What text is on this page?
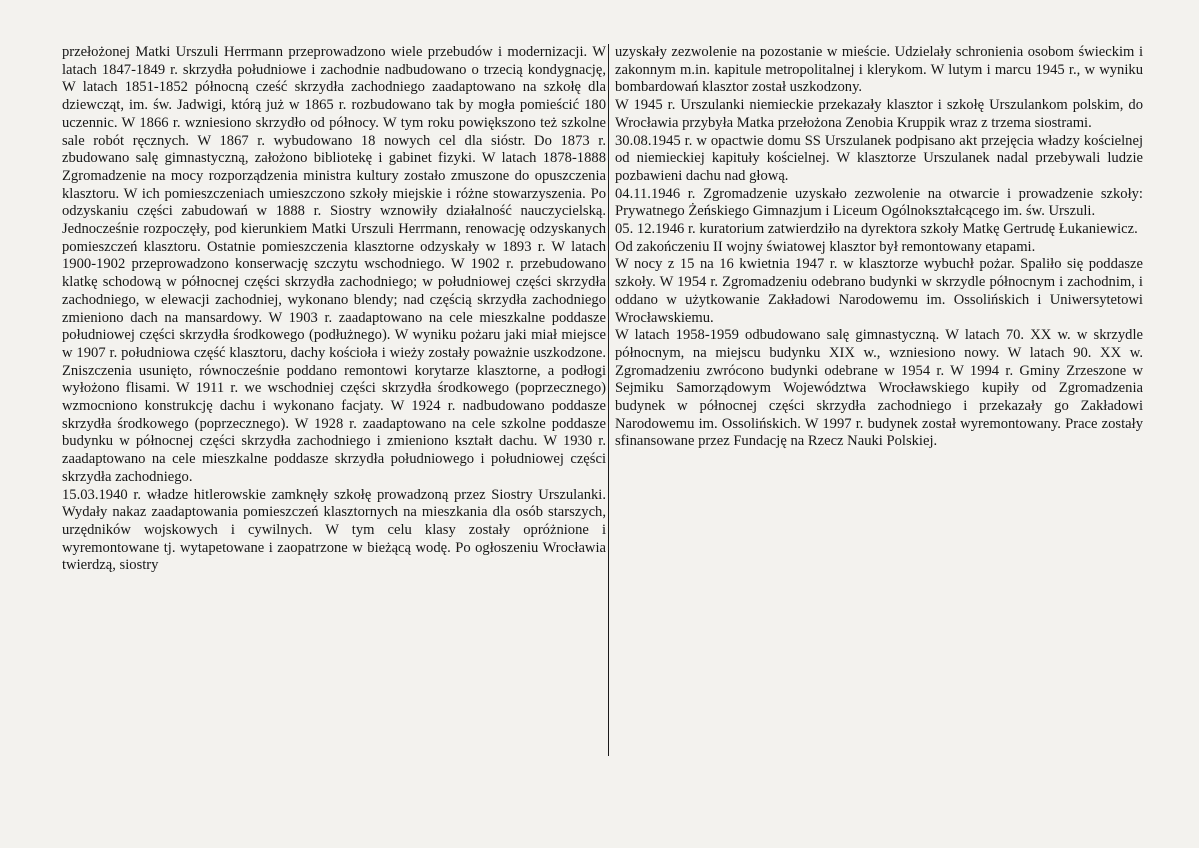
przełożonej Matki Urszuli Herrmann przeprowadzono wiele przebudów i modernizacji. W latach 1847-1849 r. skrzydła południowe i zachodnie nadbudowano o trzecią kondygnację, W latach 1851-1852 północną cześć skrzydła zachodniego zaadaptowano na szkołę dla dziewcząt, im. św. Jadwigi, którą już w 1865 r. rozbudowano tak by mogła pomieścić 180 uczennic. W 1866 r. wzniesiono skrzydło od północy. W tym roku powiększono też szkolne sale robót ręcznych. W 1867 r. wybudowano 18 nowych cel dla sióstr. Do 1873 r. zbudowano salę gimnastyczną, założono bibliotekę i gabinet fizyki. W latach 1878-1888 Zgromadzenie na mocy rozporządzenia ministra kultury zostało zmuszone do opuszczenia klasztoru. W ich pomieszczeniach umieszczono szkoły miejskie i różne stowarzyszenia. Po odzyskaniu części zabudowań w 1888 r. Siostry wznowiły działalność nauczycielską. Jednocześnie rozpoczęły, pod kierunkiem Matki Urszuli Herrmann, renowację odzyskanych pomieszczeń klasztoru. Ostatnie pomieszczenia klasztorne odzyskały w 1893 r. W latach 1900-1902 przeprowadzono konserwację szczytu wschodniego. W 1902 r. przebudowano klatkę schodową w północnej części skrzydła zachodniego; w południowej części skrzydła zachodniego, w elewacji zachodniej, wykonano blendy; nad częścią skrzydła zachodniego zmieniono dach na mansardowy. W 1903 r. zaadaptowano na cele mieszkalne poddasze południowej części skrzydła środkowego (podłużnego). W wyniku pożaru jaki miał miejsce w 1907 r. południowa część klasztoru, dachy kościoła i wieży zostały poważnie uszkodzone. Zniszczenia usunięto, równocześnie poddano remontowi korytarze klasztorne, a podłogi wyłożono flisami. W 1911 r. we wschodniej części skrzydła środkowego (poprzecznego) wzmocniono konstrukcję dachu i wykonano facjaty. W 1924 r. nadbudowano poddasze skrzydła środkowego (poprzecznego). W 1928 r. zaadaptowano na cele szkolne poddasze budynku w północnej części skrzydła zachodniego i zmieniono kształt dachu. W 1930 r. zaadaptowano na cele mieszkalne poddasze skrzydła południowego i południowej części skrzydła zachodniego.

15.03.1940 r. władze hitlerowskie zamknęły szkołę prowadzoną przez Siostry Urszulanki. Wydały nakaz zaadaptowania pomieszczeń klasztornych na mieszkania dla osób starszych, urzędników wojskowych i cywilnych. W tym celu klasy zostały opróżnione i wyremontowane tj. wytapetowane i zaopatrzone w bieżącą wodę. Po ogłoszeniu Wrocławia twierdzą, siostry

uzyskały zezwolenie na pozostanie w mieście. Udzielały schronienia osobom świeckim i zakonnym m.in. kapitule metropolitalnej i klerykom. W lutym i marcu 1945 r., w wyniku bombardowań klasztor został uszkodzony.

W 1945 r. Urszulanki niemieckie przekazały klasztor i szkołę Urszulankom polskim, do Wrocławia przybyła Matka przełożona Zenobia Kruppik wraz z trzema siostrami.

30.08.1945 r. w opactwie domu SS Urszulanek podpisano akt przejęcia władzy kościelnej od niemieckiej kapituły kościelnej. W klasztorze Urszulanek nadal przebywali ludzie pozbawieni dachu nad głową.

04.11.1946 r. Zgromadzenie uzyskało zezwolenie na otwarcie i prowadzenie szkoły: Prywatnego Żeńskiego Gimnazjum i Liceum Ogólnokształcącego im. św. Urszuli.

05. 12.1946 r. kuratorium zatwierdziło na dyrektora szkoły Matkę Gertrudę Łukaniewicz.

Od zakończeniu II wojny światowej klasztor był remontowany etapami.

W nocy z 15 na 16 kwietnia 1947 r. w klasztorze wybuchł pożar. Spaliło się poddasze szkoły. W 1954 r. Zgromadzeniu odebrano budynki w skrzydle północnym i zachodnim, i oddano w użytkowanie Zakładowi Narodowemu im. Ossolińskich i Uniwersytetowi Wrocławskiemu.

W latach 1958-1959 odbudowano salę gimnastyczną. W latach 70. XX w. w skrzydle północnym, na miejscu budynku XIX w., wzniesiono nowy. W latach 90. XX w. Zgromadzeniu zwrócono budynki odebrane w 1954 r. W 1994 r. Gminy Zrzeszone w Sejmiku Samorządowym Województwa Wrocławskiego kupiły od Zgromadzenia budynek w północnej części skrzydła zachodniego i przekazały go Zakładowi Narodowemu im. Ossolińskich. W 1997 r. budynek został wyremontowany. Prace zostały sfinansowane przez Fundację na Rzecz Nauki Polskiej.
